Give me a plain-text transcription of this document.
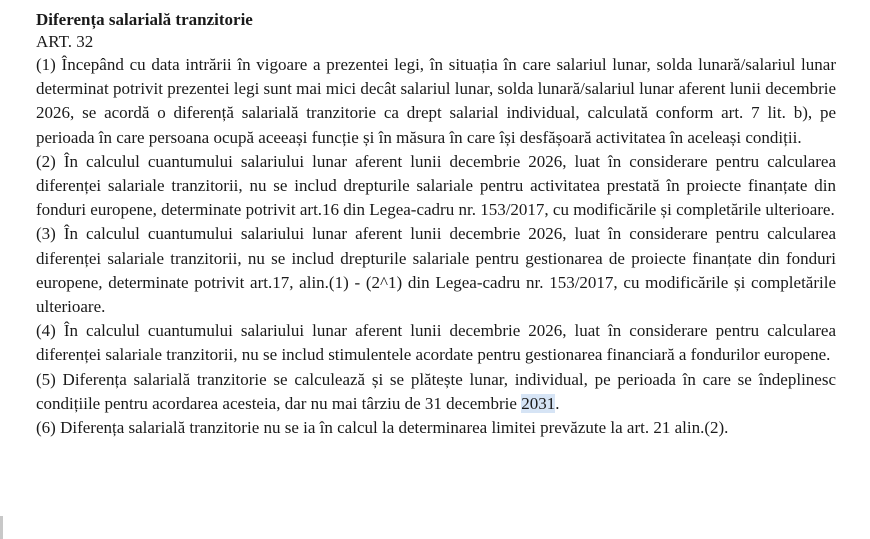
Diferența salarială tranzitorie

ART. 32

(1) Începând cu data intrării în vigoare a prezentei legi, în situația în care salariul lunar, solda lunară/salariul lunar determinat potrivit prezentei legi sunt mai mici decât salariul lunar, solda lunară/salariul lunar aferent lunii decembrie 2026, se acordă o diferență salarială tranzitorie ca drept salarial individual, calculată conform art. 7 lit. b), pe perioada în care persoana ocupă aceeași funcție și în măsura în care își desfășoară activitatea în aceleași condiții.

(2) În calculul cuantumului salariului lunar aferent lunii decembrie 2026, luat în considerare pentru calcularea diferenței salariale tranzitorii, nu se includ drepturile salariale pentru activitatea prestată în proiecte finanțate din fonduri europene, determinate potrivit art.16 din Legea-cadru nr. 153/2017, cu modificările și completările ulterioare.

(3) În calculul cuantumului salariului lunar aferent lunii decembrie 2026, luat în considerare pentru calcularea diferenței salariale tranzitorii, nu se includ drepturile salariale pentru gestionarea de proiecte finanțate din fonduri europene, determinate potrivit art.17, alin.(1) - (2^1) din Legea-cadru nr. 153/2017, cu modificările și completările ulterioare.

(4) În calculul cuantumului salariului lunar aferent lunii decembrie 2026, luat în considerare pentru calcularea diferenței salariale tranzitorii, nu se includ stimulentele acordate pentru gestionarea financiară a fondurilor europene.

(5) Diferența salarială tranzitorie se calculează și se plătește lunar, individual, pe perioada în care se îndeplinesc condițiile pentru acordarea acesteia, dar nu mai târziu de 31 decembrie 2031.

(6) Diferența salarială tranzitorie nu se ia în calcul la determinarea limitei prevăzute la art. 21 alin.(2).
